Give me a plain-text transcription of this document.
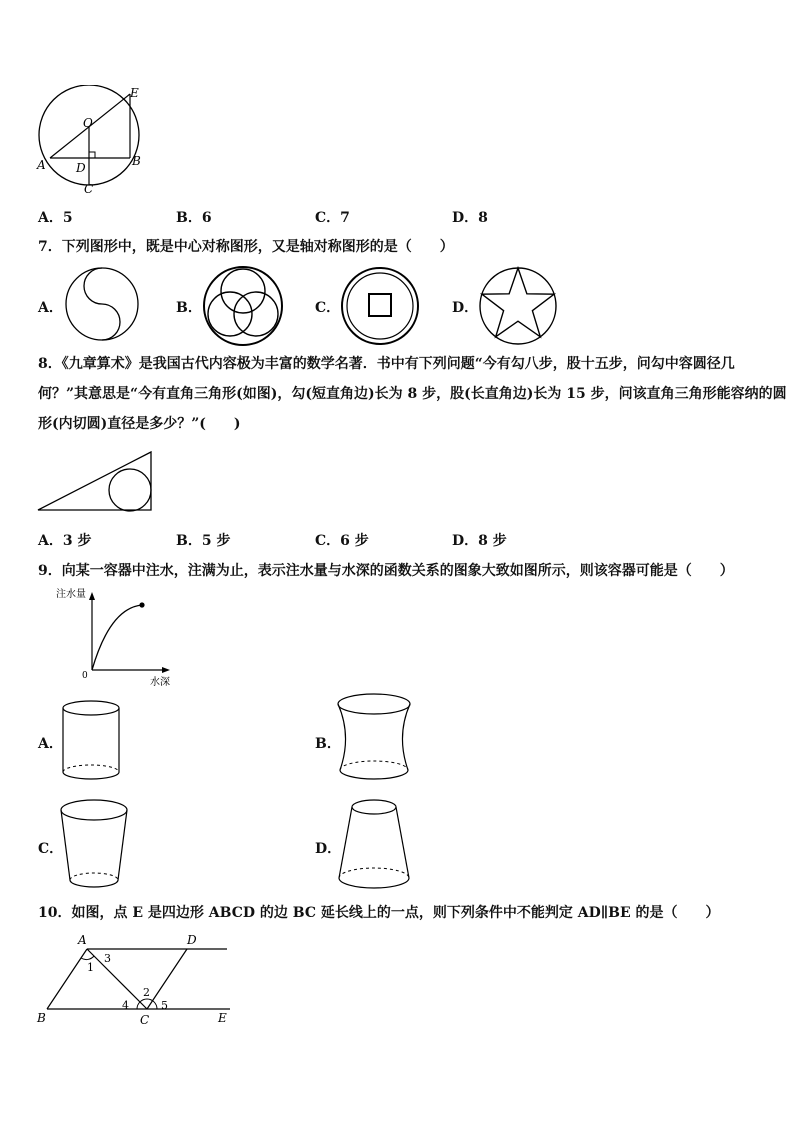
E
O
A	D	B
C
A．5	B．6	C．7	D．8
7．下列图形中，既是中心对称图形，又是轴对称图形的是（　　）
A．	B．	C．	D．
8．《九章算术》是我国古代内容极为丰富的数学名著．书中有下列问题“今有勾八步，股十五步，问勾中容圆径几
何？”其意思是“今有直角三角形(如图)，勾(短直角边)长为 8 步，股(长直角边)长为 15 步，问该直角三角形能容纳的圆
形(内切圆)直径是多少？”(　　)
A．3 步	B．5 步	C．6 步	D．8 步
9．向某一容器中注水，注满为止，表示注水量与水深的函数关系的图象大致如图所示，则该容器可能是（　　）
注水量
0
水深
A．	B．
C．	D．
10．如图，点 E 是四边形 ABCD 的边 BC 延长线上的一点，则下列条件中不能判定 AD∥BE 的是（　　）
A	D
B	C	E
1
3
2
4	5
